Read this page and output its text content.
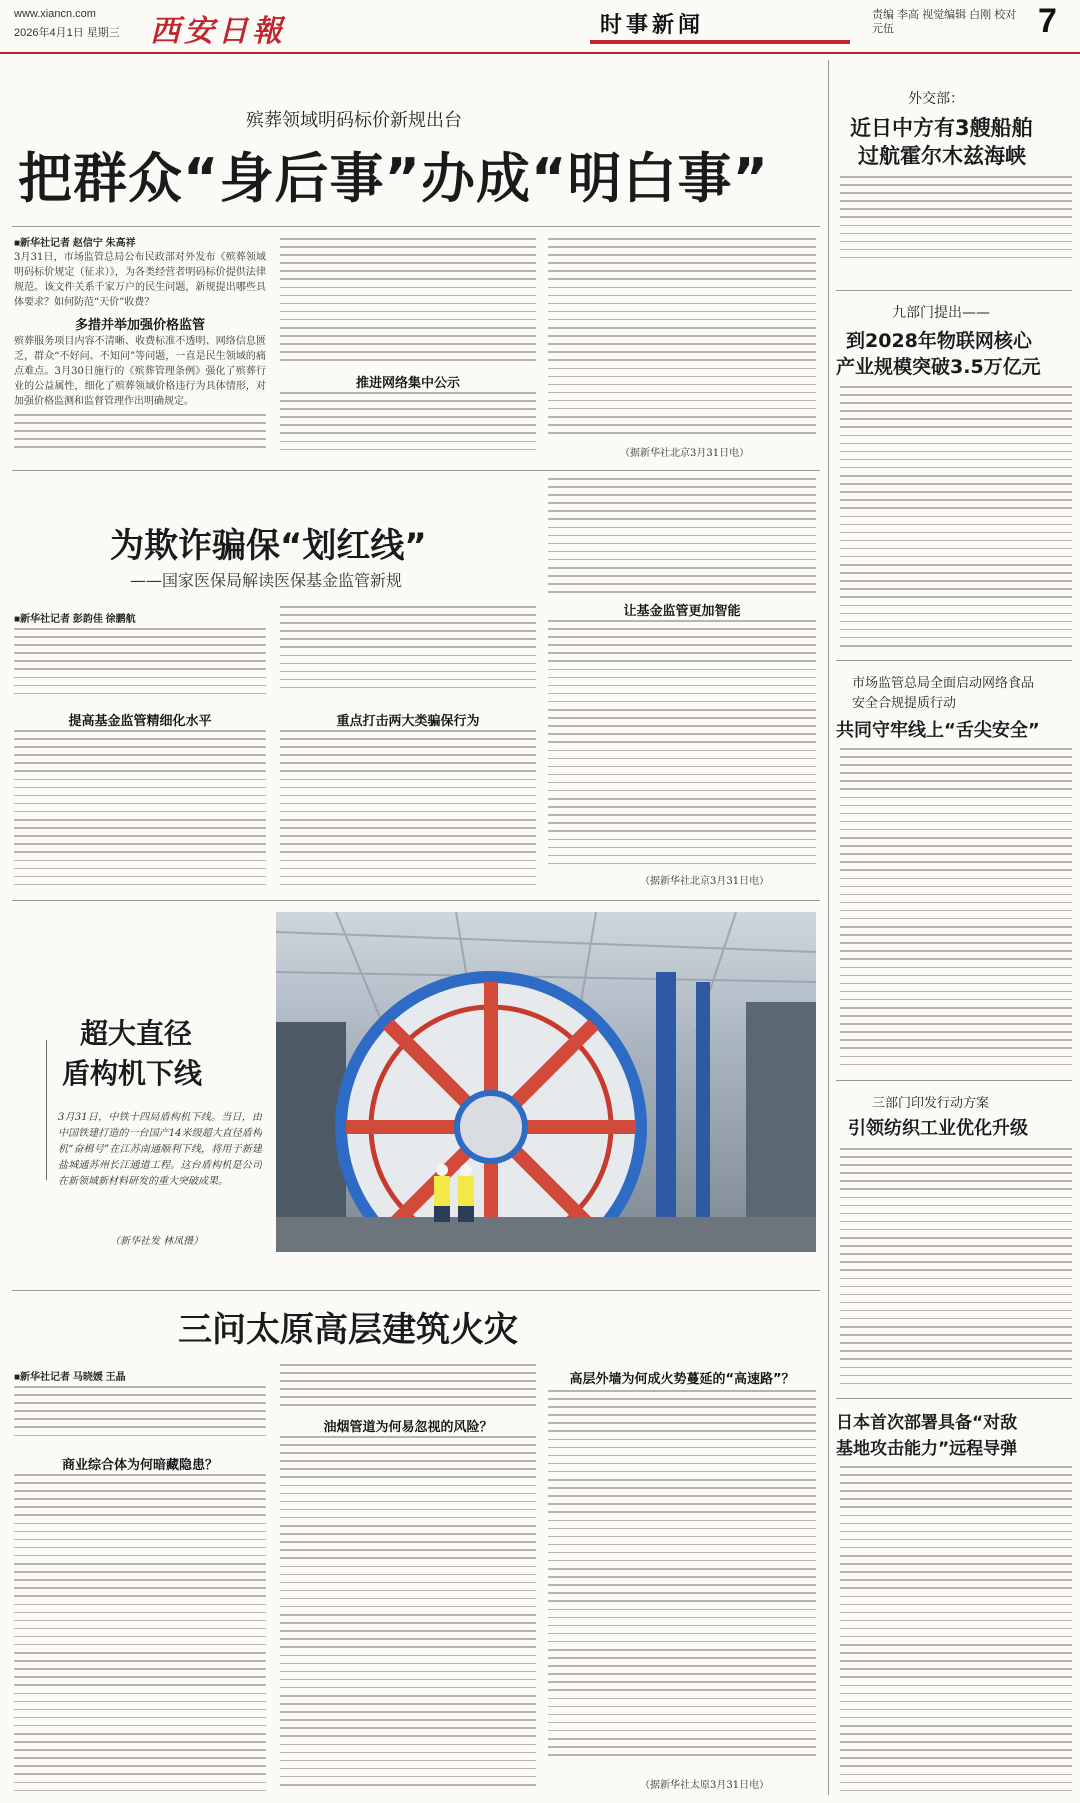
www.xiancn.com
2026年4月1日 星期三 西安日報	时事新闻	责编 李高 视觉编辑 白刚 校对 元伍	7
殡葬领域明码标价新规出台
把群众“身后事”办成“明白事”
■新华社记者 赵信宁 朱高祥
3月31日，市场监管总局公布民政部对外发布《殡葬领域明码标价规定（征求）》，为各类经营者明码标价提供法律规范。该文件关系千家万户的民生问题，新规提出哪些具体要求？如何防范“天价”收费？
多措并举加强价格监管
殡葬服务项目内容不清晰、收费标准不透明、网络信息匮乏，群众“不好问、不知问”等问题，一直是民生领域的痛点难点。3月30日施行的《殡葬管理条例》强化了殡葬行业的公益属性，细化了殡葬领域价格违行为具体情形，对加强价格监测和监督管理作出明确规定。
推进网络集中公示
（据新华社北京3月31日电）
为欺诈骗保“划红线”
——国家医保局解读医保基金监管新规
■新华社记者 彭韵佳 徐鹏航
提高基金监管精细化水平	重点打击两大类骗保行为
让基金监管更加智能
（据新华社北京3月31日电）
超大直径
盾构机下线
3月31日，中铁十四局盾构机下线。当日，由中国铁建打造的一台国产14米级超大直径盾构机“奋楫号”在江苏南通顺利下线，将用于新建盐城通苏州长江通道工程。这台盾构机是公司在新领域新材料研发的重大突破成果。
（新华社发 林凤摄）
三问太原高层建筑火灾
■新华社记者 马晓媛 王晶
商业综合体为何暗藏隐患？
油烟管道为何易忽视的风险？
高层外墙为何成火势蔓延的“高速路”？
（据新华社太原3月31日电）
外交部：
近日中方有3艘船舶
过航霍尔木兹海峡
九部门提出——
到2028年物联网核心
产业规模突破3.5万亿元
市场监管总局全面启动网络食品
安全合规提质行动
共同守牢线上“舌尖安全”
三部门印发行动方案
引领纺织工业优化升级
日本首次部署具备“对敌
基地攻击能力”远程导弹
